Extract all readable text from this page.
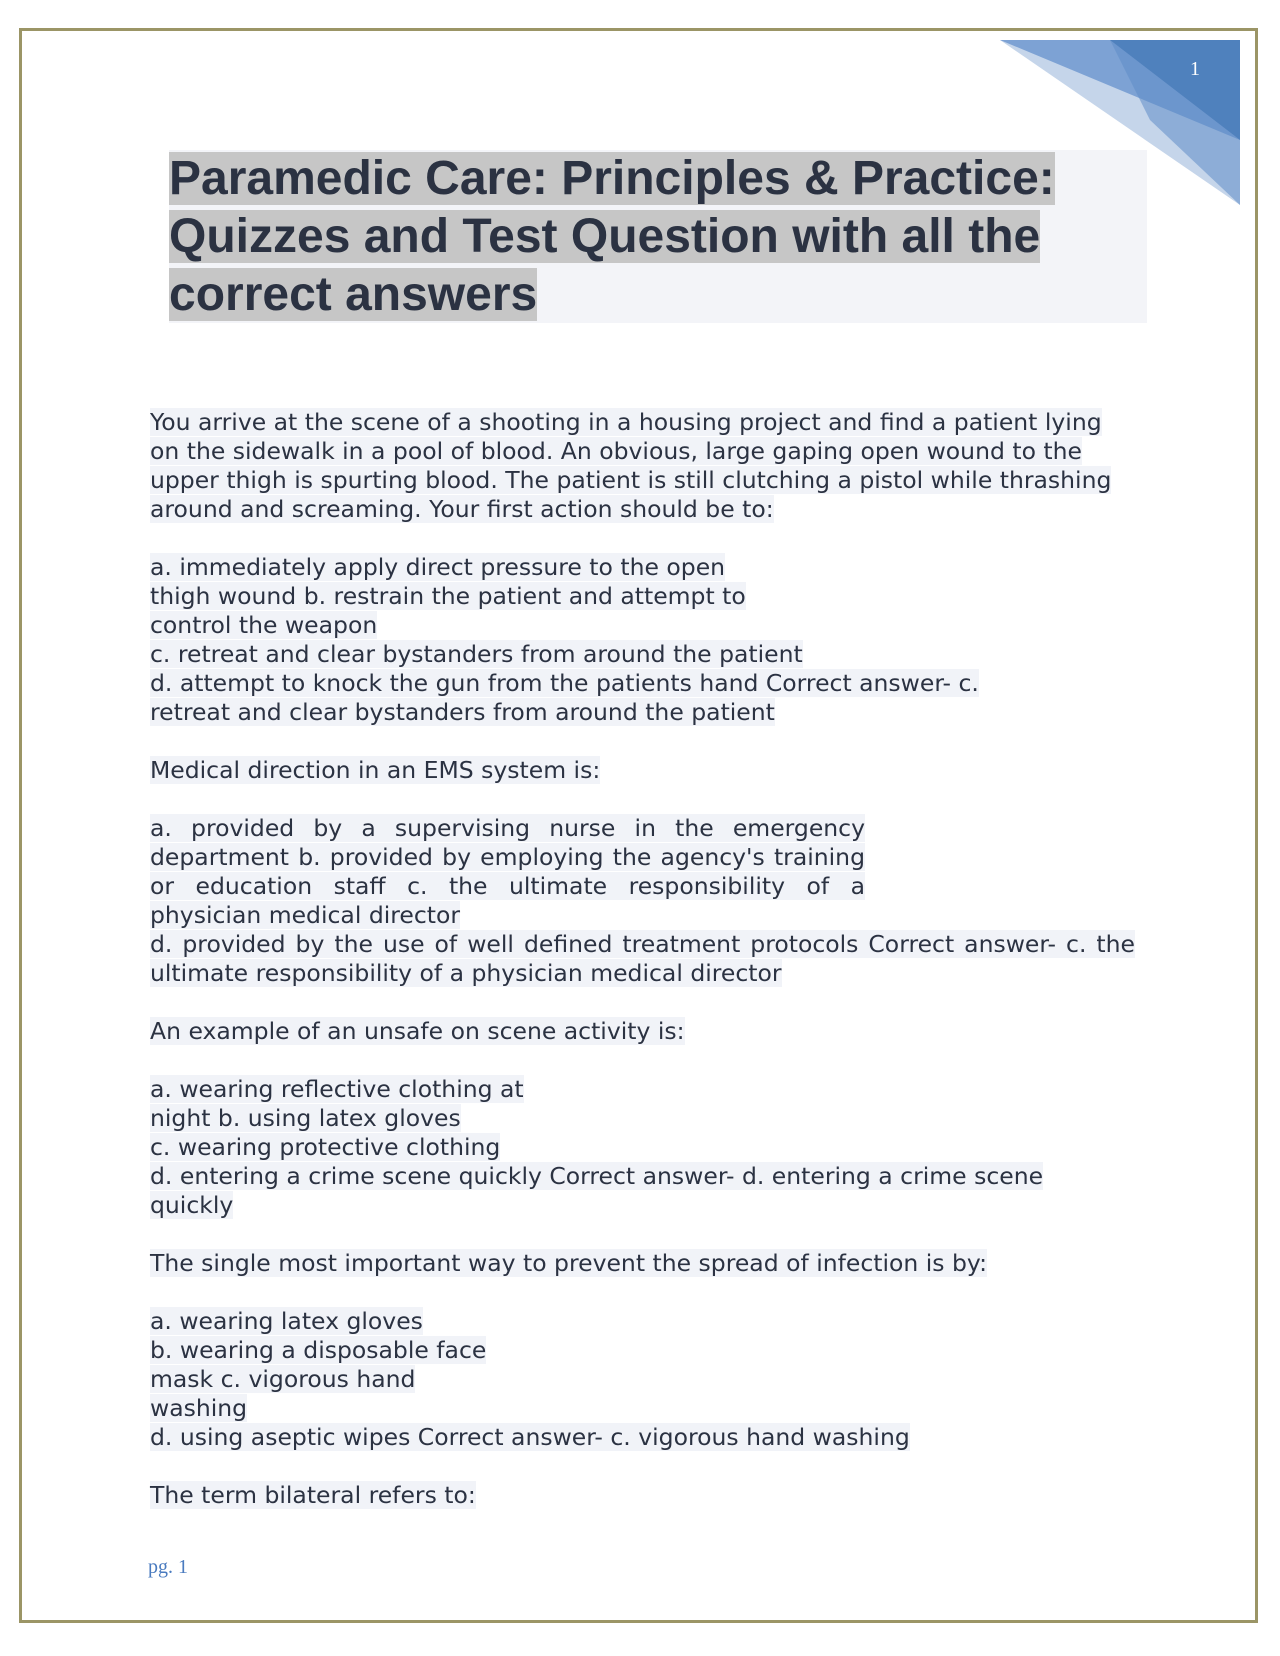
1
Paramedic Care: Principles & Practice: Quizzes and Test Question with all the correct answers

You arrive at the scene of a shooting in a housing project and find a patient lying on the sidewalk in a pool of blood. An obvious, large gaping open wound to the upper thigh is spurting blood. The patient is still clutching a pistol while thrashing around and screaming. Your first action should be to:

a. immediately apply direct pressure to the open
thigh wound b. restrain the patient and attempt to
control the weapon
c. retreat and clear bystanders from around the patient
d. attempt to knock the gun from the patients hand Correct answer- c.
retreat and clear bystanders from around the patient

Medical direction in an EMS system is:

a. provided by a supervising nurse in the emergency department b. provided by employing the agency's training or education staff c. the ultimate responsibility of a physician medical director

d. provided by the use of well defined treatment protocols Correct answer- c. the ultimate responsibility of a physician medical director

An example of an unsafe on scene activity is:

a. wearing reflective clothing at
night b. using latex gloves
c. wearing protective clothing
d. entering a crime scene quickly Correct answer- d. entering a crime scene
quickly

The single most important way to prevent the spread of infection is by:

a. wearing latex gloves
b. wearing a disposable face
mask c. vigorous hand
washing
d. using aseptic wipes Correct answer- c. vigorous hand washing

The term bilateral refers to:

pg. 1
